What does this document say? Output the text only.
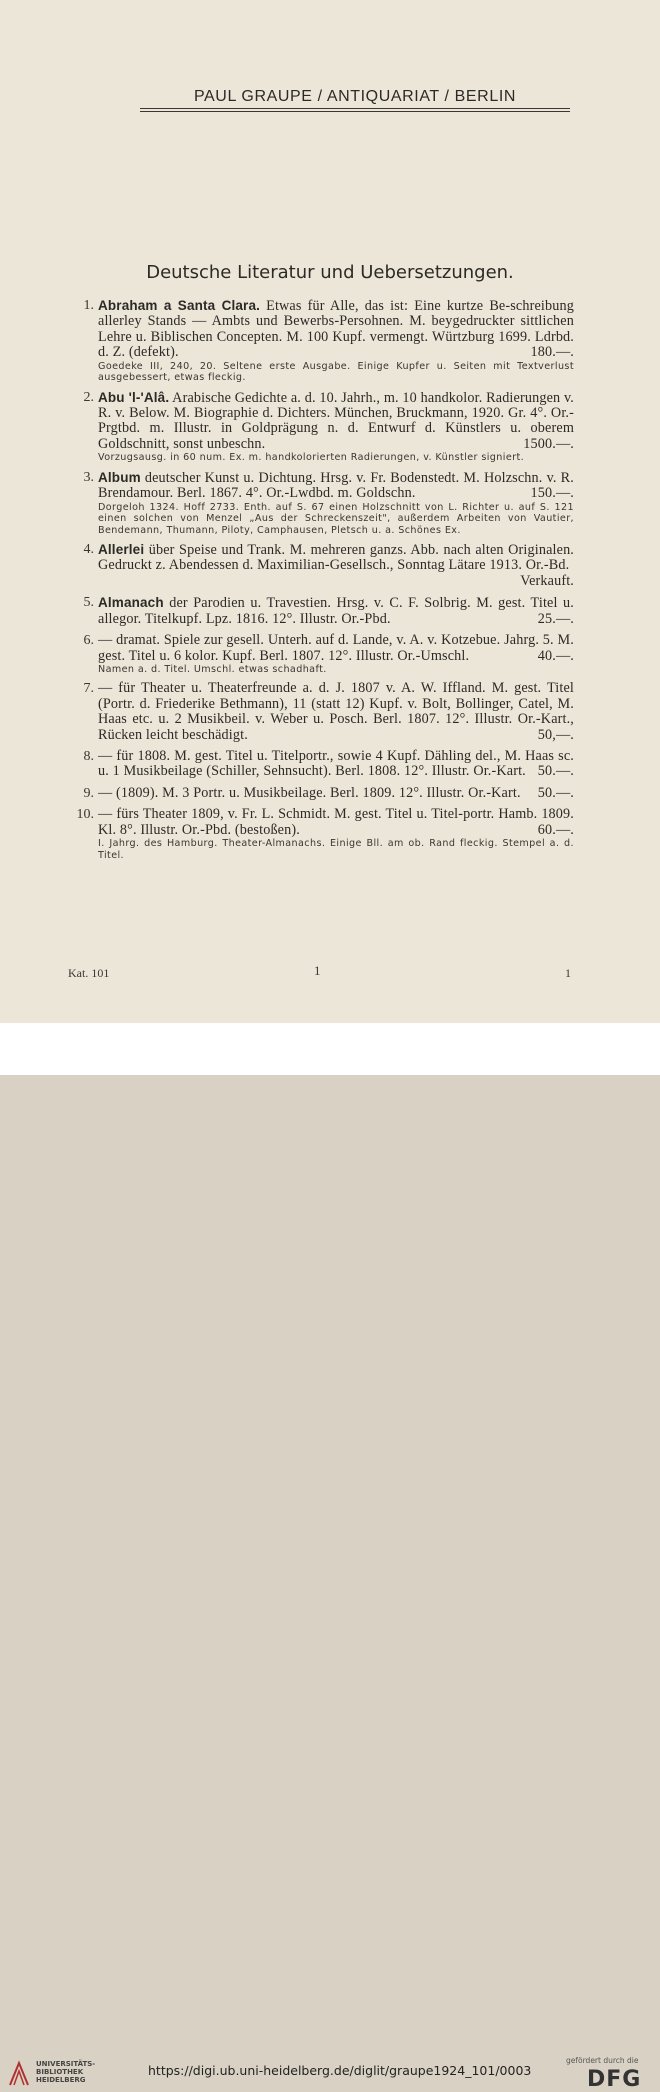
PAUL GRAUPE / ANTIQUARIAT / BERLIN
Deutsche Literatur und Uebersetzungen.
1. Abraham a Santa Clara. Etwas für Alle, das ist: Eine kurtze Be-schreibung allerley Stands — Ambts und Bewerbs-Persohnen. M. beygedruckter sittlichen Lehre u. Biblischen Concepten. M. 100 Kupf. vermengt. Würtzburg 1699. Ldrbd. d. Z. (defekt).	180.—.
Goedeke III, 240, 20. Seltene erste Ausgabe. Einige Kupfer u. Seiten mit Textverlust ausgebessert, etwas fleckig.
2. Abu 'l-'Alâ. Arabische Gedichte a. d. 10. Jahrh., m. 10 handkolor. Radierungen v. R. v. Below. M. Biographie d. Dichters. München, Bruckmann, 1920. Gr. 4°. Or.-Prgtbd. m. Illustr. in Goldprägung n. d. Entwurf d. Künstlers u. oberem Goldschnitt, sonst unbeschn.	1500.—.
Vorzugsausg. in 60 num. Ex. m. handkolorierten Radierungen, v. Künstler signiert.
3. Album deutscher Kunst u. Dichtung. Hrsg. v. Fr. Bodenstedt. M. Holzschn. v. R. Brendamour. Berl. 1867. 4°. Or.-Lwdbd. m. Goldschn.	150.—.
Dorgeloh 1324. Hoff 2733. Enth. auf S. 67 einen Holzschnitt von L. Richter u. auf S. 121 einen solchen von Menzel „Aus der Schreckenszeit", außerdem Arbeiten von Vautier, Bendemann, Thumann, Piloty, Camphausen, Pletsch u. a. Schönes Ex.
4. Allerlei über Speise und Trank. M. mehreren ganzs. Abb. nach alten Originalen. Gedruckt z. Abendessen d. Maximilian-Gesellsch., Sonntag Lätare 1913. Or.-Bd.
Verkauft.
5. Almanach der Parodien u. Travestien. Hrsg. v. C. F. Solbrig. M. gest. Titel u. allegor. Titelkupf. Lpz. 1816. 12°. Illustr. Or.-Pbd.	25.—.
6. — dramat. Spiele zur gesell. Unterh. auf d. Lande, v. A. v. Kotzebue. Jahrg. 5. M. gest. Titel u. 6 kolor. Kupf. Berl. 1807. 12°. Illustr. Or.-Umschl.	40.—.
Namen a. d. Titel. Umschl. etwas schadhaft.
7. — für Theater u. Theaterfreunde a. d. J. 1807 v. A. W. Iffland. M. gest. Titel (Portr. d. Friederike Bethmann), 11 (statt 12) Kupf. v. Bolt, Bollinger, Catel, M. Haas etc. u. 2 Musikbeil. v. Weber u. Posch. Berl. 1807. 12°. Illustr. Or.-Kart., Rücken leicht beschädigt.	50,—.
8. — für 1808. M. gest. Titel u. Titelportr., sowie 4 Kupf. Dähling del., M. Haas sc. u. 1 Musikbeilage (Schiller, Sehnsucht). Berl. 1808. 12°. Illustr. Or.-Kart. 50.—.
9. — (1809). M. 3 Portr. u. Musikbeilage. Berl. 1809. 12°. Illustr. Or.-Kart.	50.—.
10. — fürs Theater 1809, v. Fr. L. Schmidt. M. gest. Titel u. Titel-portr. Hamb. 1809. Kl. 8°. Illustr. Or.-Pbd. (bestoßen).	60.—.
I. Jahrg. des Hamburg. Theater-Almanachs. Einige Bll. am ob. Rand fleckig. Stempel a. d. Titel.
Kat. 101	1	1
UNIVERSITÄTS-
BIBLIOTHEK
HEIDELBERG
https://digi.ub.uni-heidelberg.de/diglit/graupe1924_101/0003
gefördert durch die
DFG
